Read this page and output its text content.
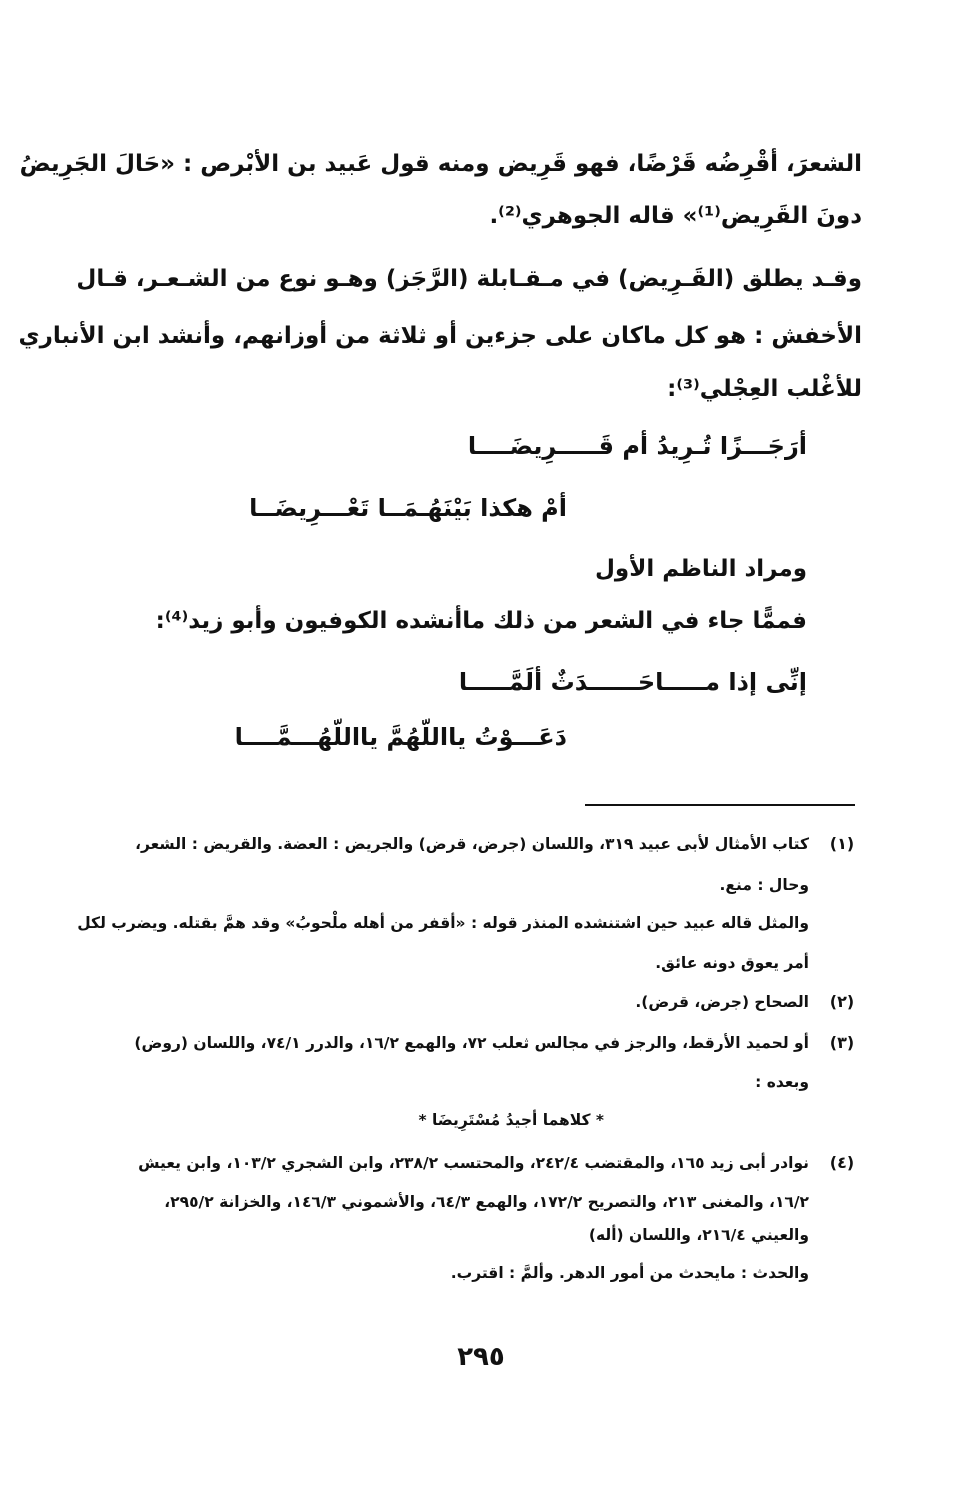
الشعرَ، أقْرِضُه قَرْضًا، فهو قَرِيض ومنه قول عَبيد بن الأبْرص : «حَالَ الجَرِيضُ
دونَ القَرِيض⁽¹⁾» قاله الجوهري⁽²⁾.
وقـد يطلق (القَـرِيض) في مـقـابلة (الرَّجَز) وهـو نوع من الشـعـر، قـال
الأخفش : هو كل ماكان على جزءين أو ثلاثة من أوزانهم، وأنشد ابن الأنباري
للأغْلب العِجْلي⁽³⁾:
أرَجَـــزًا تُـرِيدُ أم قَـــــرِيضَــــا
أمْ هكذا بَيْنَهُـمَــا تَعْـــرِيضَــا
ومراد الناظم الأول
فممًّا جاء في الشعر من ذلك ماأنشده الكوفيون وأبو زيد⁽⁴⁾:
إنِّى إذا مـــــاحَــــــدَثٌ ألَمَّـــــا
دَعَـــوْتُ يااللّهُمَّ يااللّهُـــمَّــــا
(١)
كتاب الأمثال لأبى عبيد ٣١٩، واللسان (جرض، قرض) والجريض : العضة. والقريض : الشعر،
وحال : منع.
والمثل قاله عبيد حين اشتنشده المنذر قوله : «أقفر من أهله ملْحوبُ» وقد همَّ بقتله. ويضرب لكل
أمر يعوق دونه عائق.
(٢)
الصحاح (جرض، قرض).
(٣)
أو لحميد الأرقط، والرجز في مجالس ثعلب ٧٢، والهمع ١٦/٢، والدرر ٧٤/١، واللسان (روض)
وبعده :
* كلاهما أجيدُ مُسْتَرِيضَا *
(٤)
نوادر أبى زيد ١٦٥، والمقتضب ٢٤٢/٤، والمحتسب ٢٣٨/٢، وابن الشجري ١٠٣/٢، وابن يعيش
١٦/٢، والمغنى ٢١٣، والتصريح ١٧٢/٢، والهمع ٦٤/٣، والأشموني ١٤٦/٣، والخزانة ٢٩٥/٢،
والعيني ٢١٦/٤، واللسان (أله)
والحدث : مايحدث من أمور الدهر. وألمَّ : اقترب.
٢٩٥
